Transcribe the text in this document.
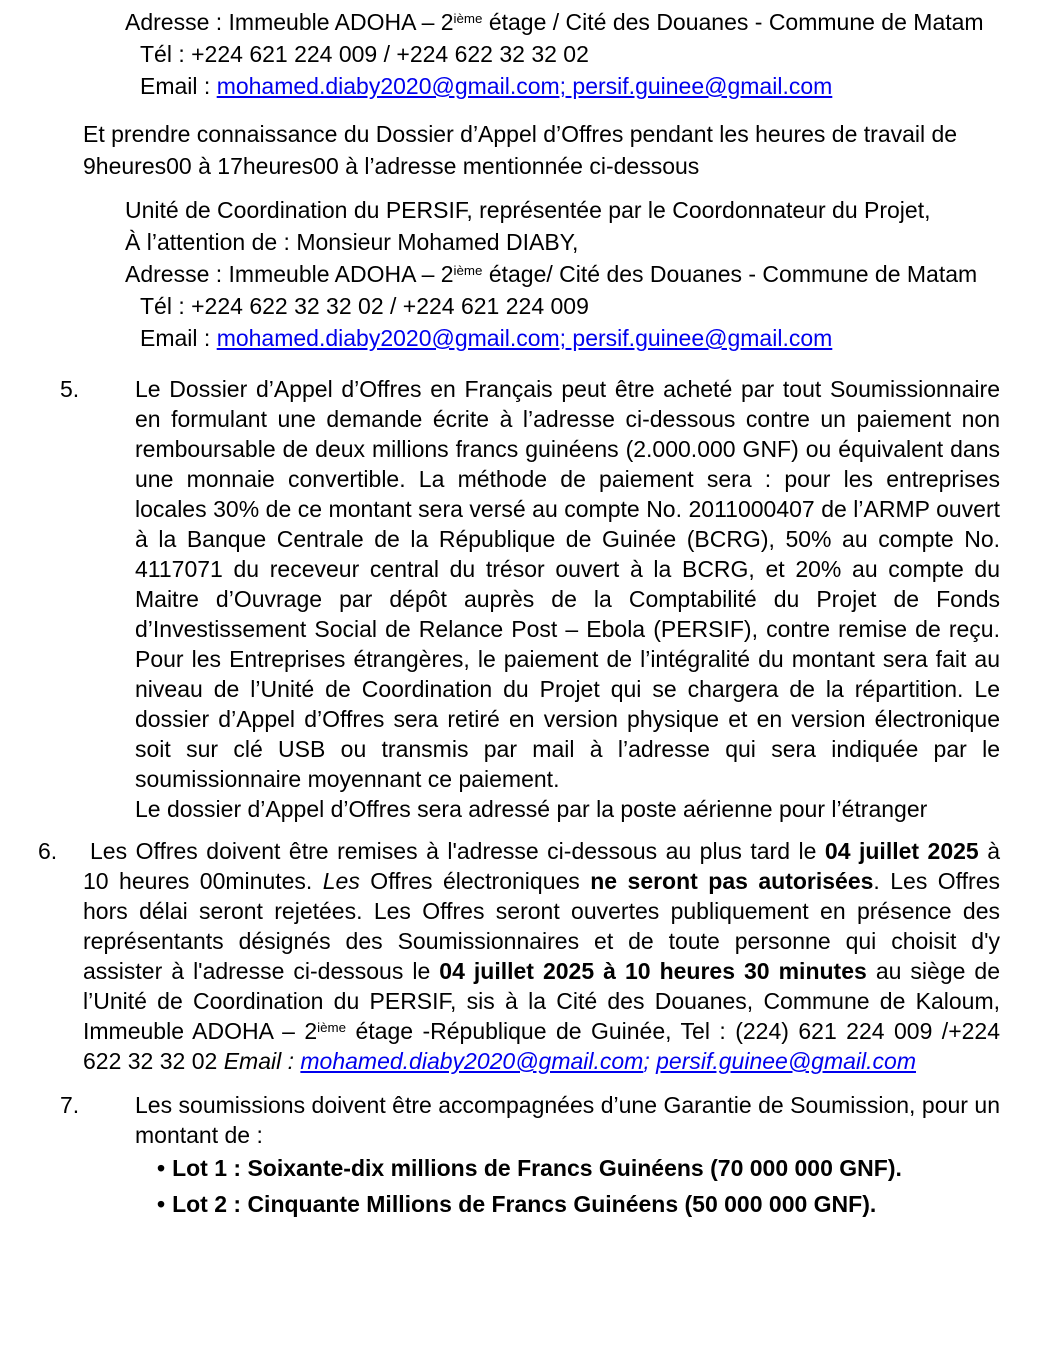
Adresse : Immeuble ADOHA – 2ième étage / Cité des Douanes - Commune de Matam
Tél : +224 621 224 009 / +224 622 32 32 02
Email : mohamed.diaby2020@gmail.com; persif.guinee@gmail.com

Et prendre connaissance du Dossier d’Appel d’Offres pendant les heures de travail de 9heures00 à 17heures00 à l’adresse mentionnée ci-dessous

Unité de Coordination du PERSIF, représentée par le Coordonnateur du Projet,
À l’attention de : Monsieur Mohamed DIABY,
Adresse : Immeuble ADOHA – 2ième étage/ Cité des Douanes - Commune de Matam
Tél : +224 622 32 32 02 / +224 621 224 009
Email : mohamed.diaby2020@gmail.com; persif.guinee@gmail.com
5.	Le Dossier d’Appel d’Offres en Français peut être acheté par tout Soumissionnaire en formulant une demande écrite à l’adresse ci-dessous contre un paiement non remboursable de deux millions francs guinéens (2.000.000 GNF) ou équivalent dans une monnaie convertible. La méthode de paiement sera : pour les entreprises locales 30% de ce montant sera versé au compte No. 2011000407 de l’ARMP ouvert à la Banque Centrale de la République de Guinée (BCRG), 50% au compte No. 4117071 du receveur central du trésor ouvert à la BCRG, et 20% au compte du Maitre d’Ouvrage par dépôt auprès de la Comptabilité du Projet de Fonds d’Investissement Social de Relance Post – Ebola (PERSIF), contre remise de reçu. Pour les Entreprises étrangères, le paiement de l’intégralité du montant sera fait au niveau de l’Unité de Coordination du Projet qui se chargera de la répartition. Le dossier d’Appel d’Offres sera retiré en version physique et en version électronique soit sur clé USB ou transmis par mail à l’adresse qui sera indiquée par le soumissionnaire moyennant ce paiement.

Le dossier d’Appel d’Offres sera adressé par la poste aérienne pour l’étranger

6.	Les Offres doivent être remises à l'adresse ci-dessous au plus tard le 04 juillet 2025 à 10 heures 00minutes. Les Offres électroniques ne seront pas autorisées. Les Offres hors délai seront rejetées. Les Offres seront ouvertes publiquement en présence des représentants désignés des Soumissionnaires et de toute personne qui choisit d'y assister à l'adresse ci-dessous le 04 juillet 2025 à 10 heures 30 minutes au siège de l’Unité de Coordination du PERSIF, sis à la Cité des Douanes, Commune de Kaloum, Immeuble ADOHA – 2ième étage -République de Guinée, Tel : (224) 621 224 009 /+224 622 32 32 02 Email : mohamed.diaby2020@gmail.com; persif.guinee@gmail.com
7.	Les soumissions doivent être accompagnées d’une Garantie de Soumission, pour un montant de :

• Lot 1 : Soixante-dix millions de Francs Guinéens (70 000 000 GNF).
• Lot 2 : Cinquante Millions de Francs Guinéens (50 000 000 GNF).
